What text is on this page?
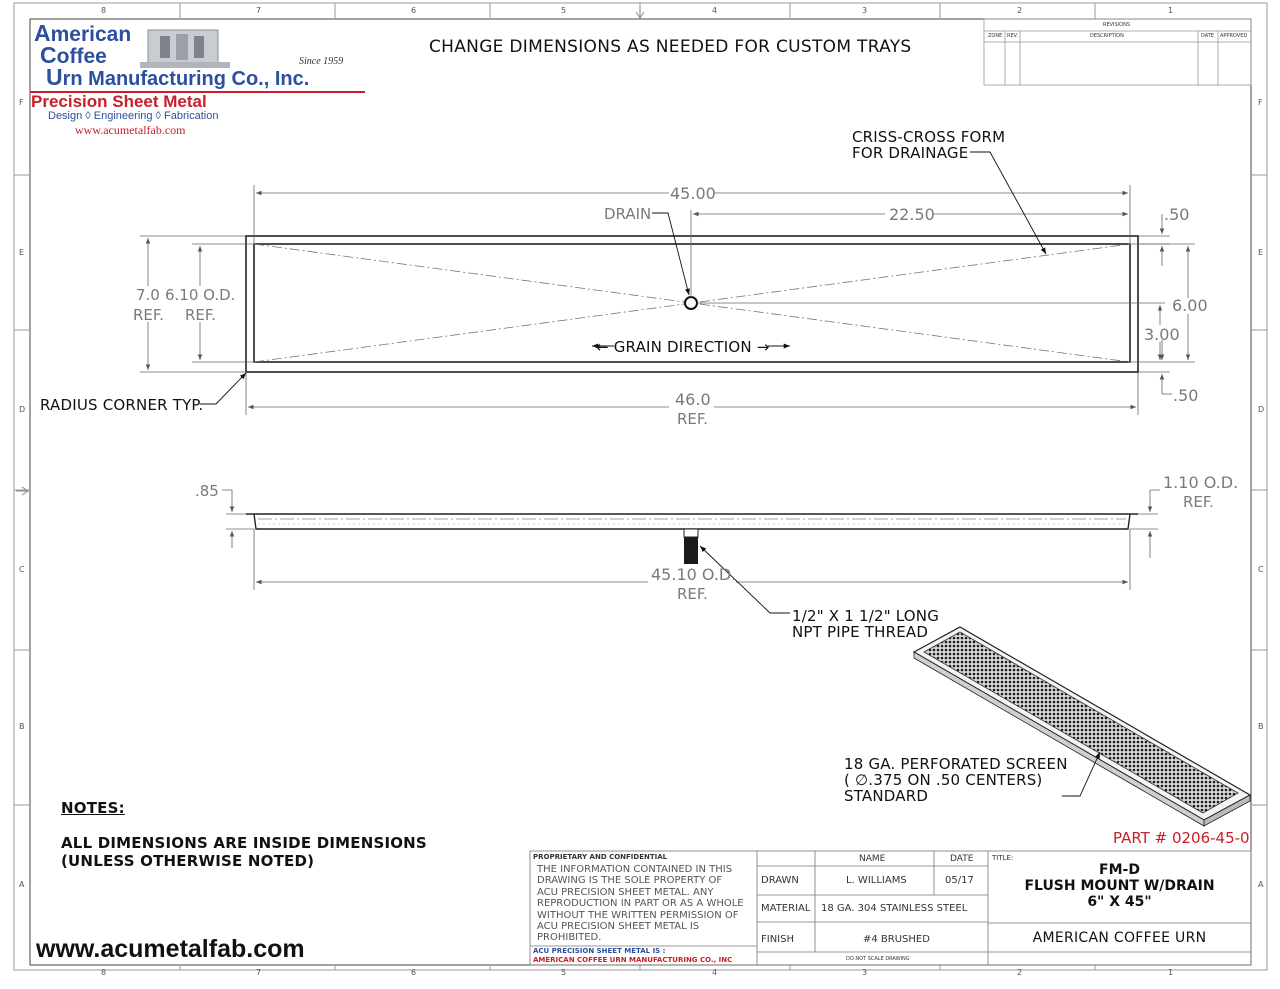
8	7	6	5	4	3	2	1
8	7	6	5	4	3	2	1
F
E
D
C
B
A
F
E
D
C
B
A
American
Coffee
Urn Manufacturing Co., Inc.
Since 1959
Precision Sheet Metal
Design ◊ Engineering ◊ Fabrication
www.acumetalfab.com
CHANGE DIMENSIONS AS NEEDED FOR CUSTOM TRAYS
REVISIONS
ZONE REV.	DESCRIPTION	DATE APPROVED
CRISS-CROSS FORM
FOR DRAINAGE
45.00
DRAIN	22.50	.50
7.0
REF.
6.10 O.D.
REF.	6.00
3.00
← GRAIN DIRECTION →
.50
RADIUS CORNER TYP.	46.0
REF.
.85	1.10 O.D.
REF.
45.10 O.D.
REF.
1/2" X 1 1/2" LONG
NPT PIPE THREAD
18 GA. PERFORATED SCREEN
( ∅.375 ON .50 CENTERS)
STANDARD
PART # 0206-45-0
NOTES:
ALL DIMENSIONS ARE INSIDE DIMENSIONS
(UNLESS OTHERWISE NOTED)
www.acumetalfab.com
PROPRIETARY AND CONFIDENTIAL
THE INFORMATION CONTAINED IN THIS
DRAWING IS THE SOLE PROPERTY OF
ACU PRECISION SHEET METAL. ANY
REPRODUCTION IN PART OR AS A WHOLE
WITHOUT THE WRITTEN PERMISSION OF
ACU PRECISION SHEET METAL IS
PROHIBITED.
ACU PRECISION SHEET METAL IS :
AMERICAN COFFEE URN MANUFACTURING CO., INC
NAME	DATE
DRAWN	L. WILLIAMS	05/17
MATERIAL 18 GA. 304 STAINLESS STEEL
FINISH	#4 BRUSHED
DO NOT SCALE DRAWING
TITLE:
FM-D
FLUSH MOUNT W/DRAIN
6" X 45"
AMERICAN COFFEE URN
